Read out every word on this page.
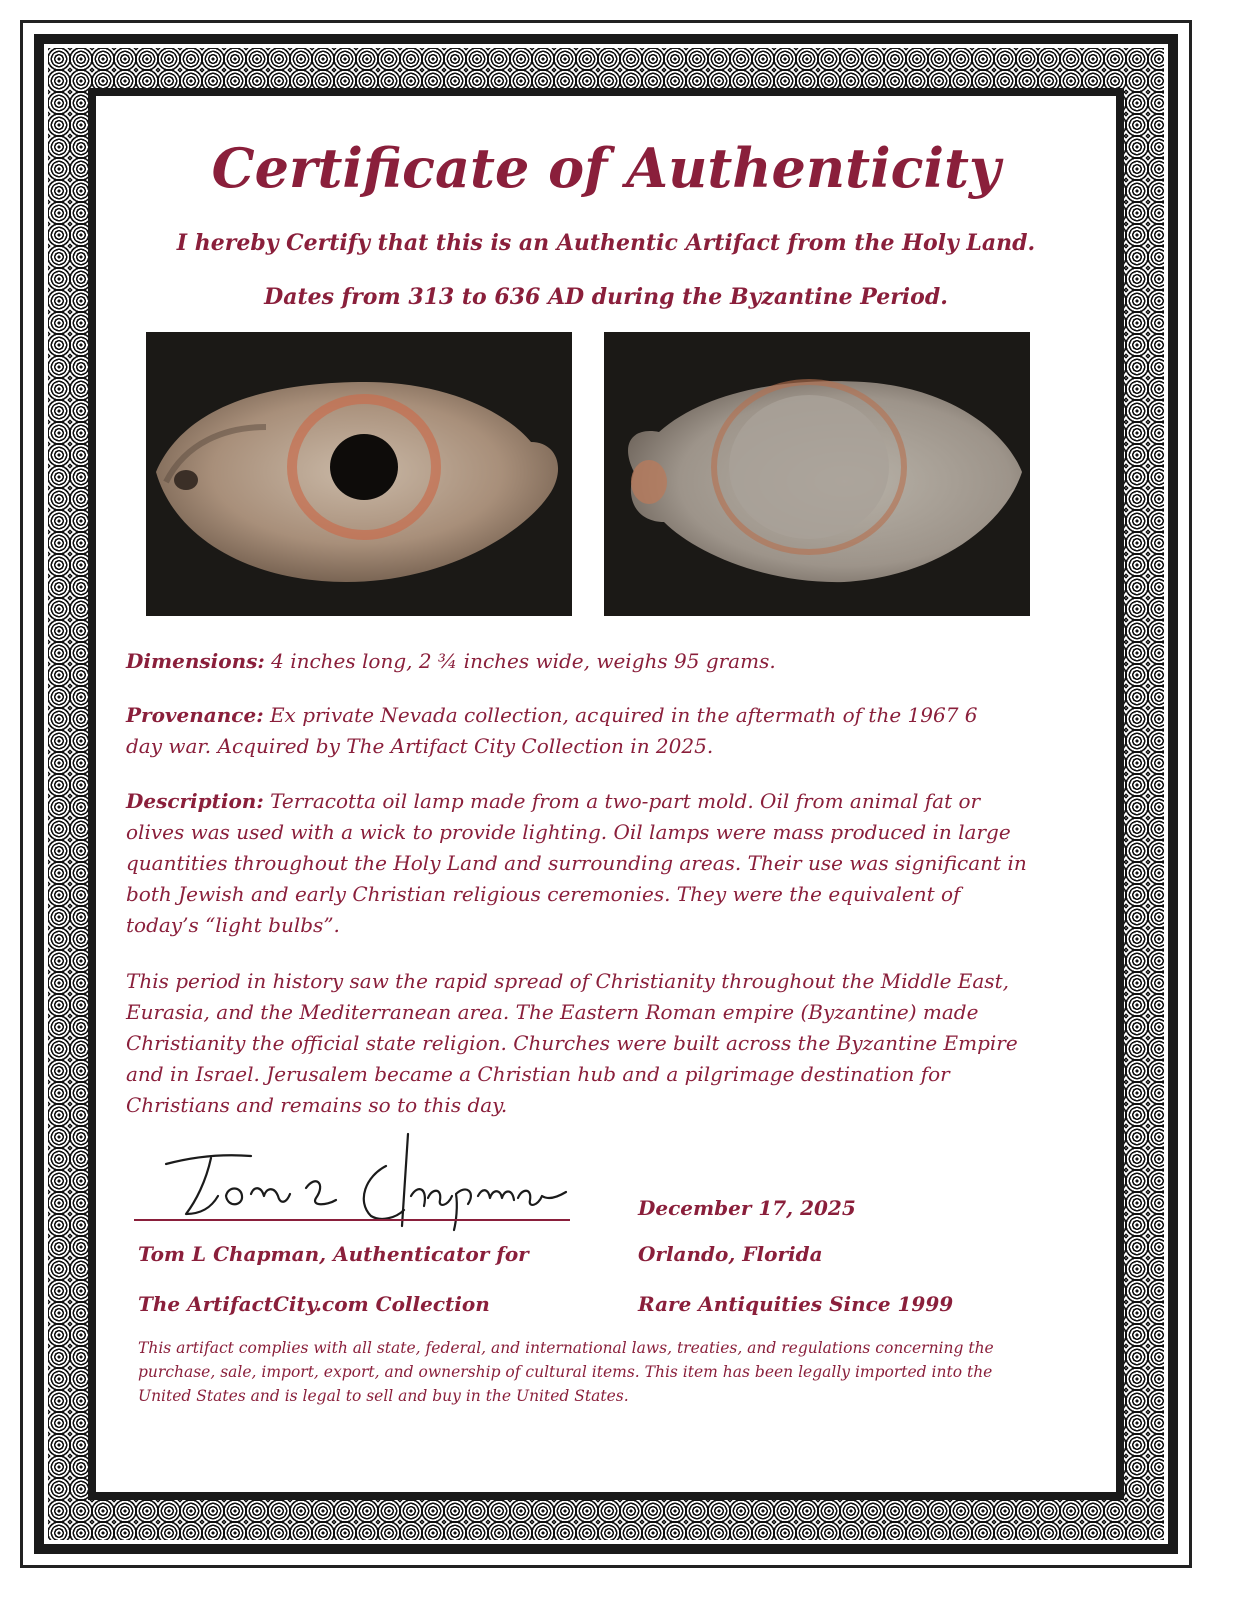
Certificate of Authenticity
I hereby Certify that this is an Authentic Artifact from the Holy Land.
Dates from 313 to 636 AD during the Byzantine Period.
Dimensions: 4 inches long, 2 ¾ inches wide, weighs 95 grams.
Provenance: Ex private Nevada collection, acquired in the aftermath of the 1967 6 day war. Acquired by The Artifact City Collection in 2025.
Description: Terracotta oil lamp made from a two-part mold. Oil from animal fat or olives was used with a wick to provide lighting. Oil lamps were mass produced in large quantities throughout the Holy Land and surrounding areas. Their use was significant in both Jewish and early Christian religious ceremonies. They were the equivalent of today’s “light bulbs”.
This period in history saw the rapid spread of Christianity throughout the Middle East, Eurasia, and the Mediterranean area. The Eastern Roman empire (Byzantine) made Christianity the official state religion. Churches were built across the Byzantine Empire and in Israel. Jerusalem became a Christian hub and a pilgrimage destination for Christians and remains so to this day.
Tom L Chapman, Authenticator for
The ArtifactCity.com Collection
December 17, 2025
Orlando, Florida
Rare Antiquities Since 1999
This artifact complies with all state, federal, and international laws, treaties, and regulations concerning the purchase, sale, import, export, and ownership of cultural items. This item has been legally imported into the United States and is legal to sell and buy in the United States.
